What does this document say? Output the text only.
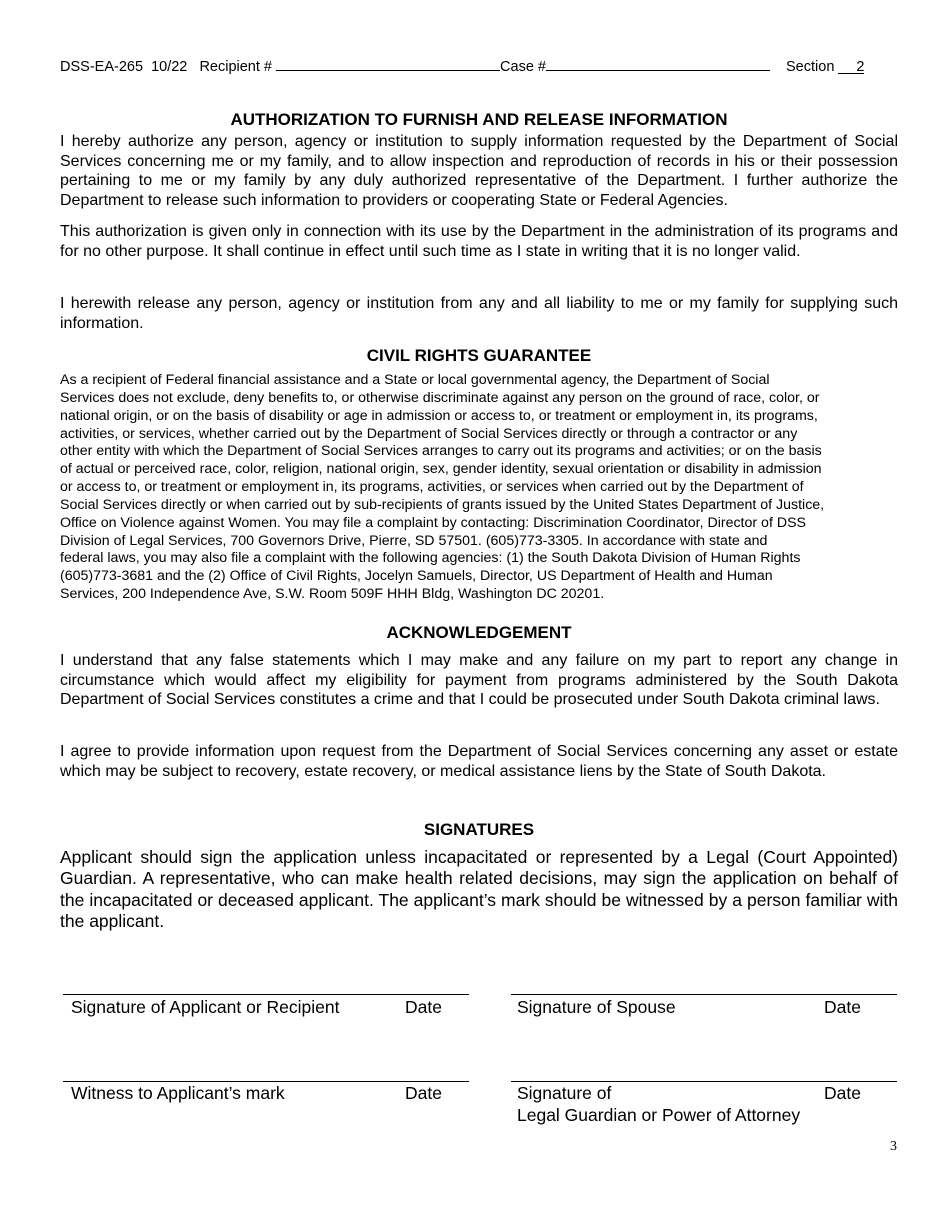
DSS-EA-265  10/22 Recipient #	Case #	Section 2
AUTHORIZATION TO FURNISH AND RELEASE INFORMATION

I hereby authorize any person, agency or institution to supply information requested by the Department of Social Services concerning me or my family, and to allow inspection and reproduction of records in his or their possession pertaining to me or my family by any duly authorized representative of the Department. I further authorize the Department to release such information to providers or cooperating State or Federal Agencies.

This authorization is given only in connection with its use by the Department in the administration of its programs and for no other purpose. It shall continue in effect until such time as I state in writing that it is no longer valid.

I herewith release any person, agency or institution from any and all liability to me or my family for supplying such information.

CIVIL RIGHTS GUARANTEE
As a recipient of Federal financial assistance and a State or local governmental agency, the Department of Social
Services does not exclude, deny benefits to, or otherwise discriminate against any person on the ground of race, color, or
national origin, or on the basis of disability or age in admission or access to, or treatment or employment in, its programs,
activities, or services, whether carried out by the Department of Social Services directly or through a contractor or any
other entity with which the Department of Social Services arranges to carry out its programs and activities; or on the basis
of actual or perceived race, color, religion, national origin, sex, gender identity, sexual orientation or disability in admission
or access to, or treatment or employment in, its programs, activities, or services when carried out by the Department of
Social Services directly or when carried out by sub-recipients of grants issued by the United States Department of Justice,
Office on Violence against Women. You may file a complaint by contacting: Discrimination Coordinator, Director of DSS
Division of Legal Services, 700 Governors Drive, Pierre, SD 57501. (605)773-3305. In accordance with state and
federal laws, you may also file a complaint with the following agencies: (1) the South Dakota Division of Human Rights
(605)773-3681 and the (2) Office of Civil Rights, Jocelyn Samuels, Director, US Department of Health and Human
Services, 200 Independence Ave, S.W. Room 509F HHH Bldg, Washington DC 20201.
ACKNOWLEDGEMENT

I understand that any false statements which I may make and any failure on my part to report any change in circumstance which would affect my eligibility for payment from programs administered by the South Dakota Department of Social Services constitutes a crime and that I could be prosecuted under South Dakota criminal laws.

I agree to provide information upon request from the Department of Social Services concerning any asset or estate which may be subject to recovery, estate recovery, or medical assistance liens by the State of South Dakota.

SIGNATURES

Applicant should sign the application unless incapacitated or represented by a Legal (Court Appointed) Guardian. A representative, who can make health related decisions, may sign the application on behalf of the incapacitated or deceased applicant. The applicant’s mark should be witnessed by a person familiar with the applicant.

Signature of Applicant or Recipient	Date	Signature of Spouse	Date
Witness to Applicant’s mark	Date	Signature of	Date
Legal Guardian or Power of Attorney
3
